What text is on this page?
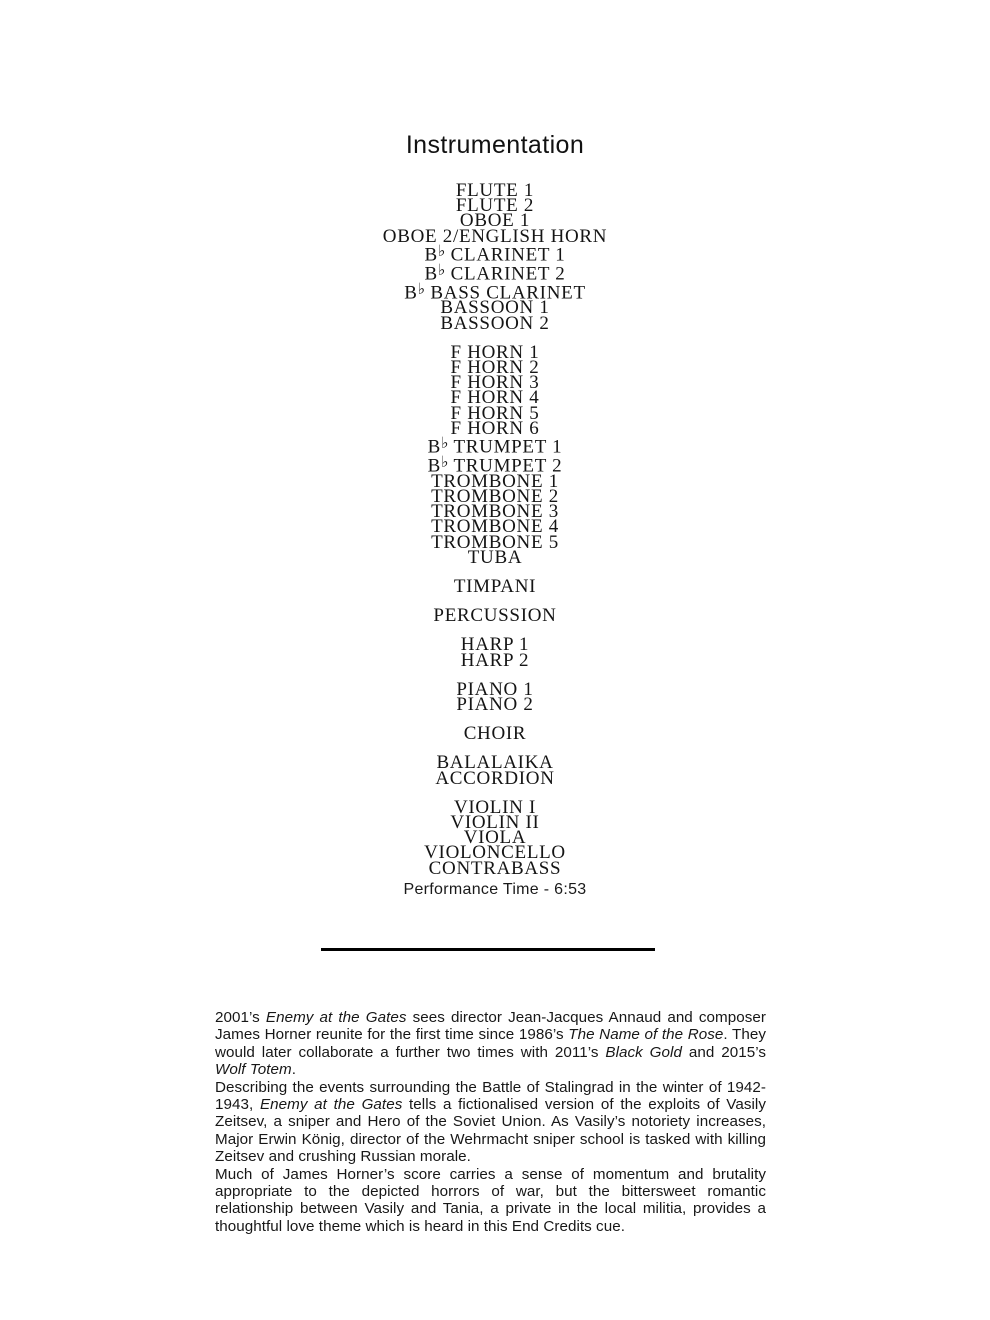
Instrumentation
FLUTE 1
FLUTE 2
OBOE 1
OBOE 2/ENGLISH HORN
B♭ CLARINET 1
B♭ CLARINET 2
B♭ BASS CLARINET
BASSOON 1
BASSOON 2
F HORN 1
F HORN 2
F HORN 3
F HORN 4
F HORN 5
F HORN 6
B♭ TRUMPET 1
B♭ TRUMPET 2
TROMBONE 1
TROMBONE 2
TROMBONE 3
TROMBONE 4
TROMBONE 5
TUBA
TIMPANI
PERCUSSION
HARP 1
HARP 2
PIANO 1
PIANO 2
CHOIR
BALALAIKA
ACCORDION
VIOLIN I
VIOLIN II
VIOLA
VIOLONCELLO
CONTRABASS
Performance Time - 6:53

2001’s Enemy at the Gates sees director Jean-Jacques Annaud and composer James Horner reunite for the first time since 1986’s The Name of the Rose. They would later collaborate a further two times with 2011’s Black Gold and 2015’s Wolf Totem.

Describing the events surrounding the Battle of Stalingrad in the winter of 1942-1943, Enemy at the Gates tells a fictionalised version of the exploits of Vasily Zeitsev, a sniper and Hero of the Soviet Union. As Vasily’s notoriety increases, Major Erwin König, director of the Wehrmacht sniper school is tasked with killing Zeitsev and crushing Russian morale.

Much of James Horner’s score carries a sense of momentum and brutality appropriate to the depicted horrors of war, but the bittersweet romantic relationship between Vasily and Tania, a private in the local militia, provides a thoughtful love theme which is heard in this End Credits cue.
